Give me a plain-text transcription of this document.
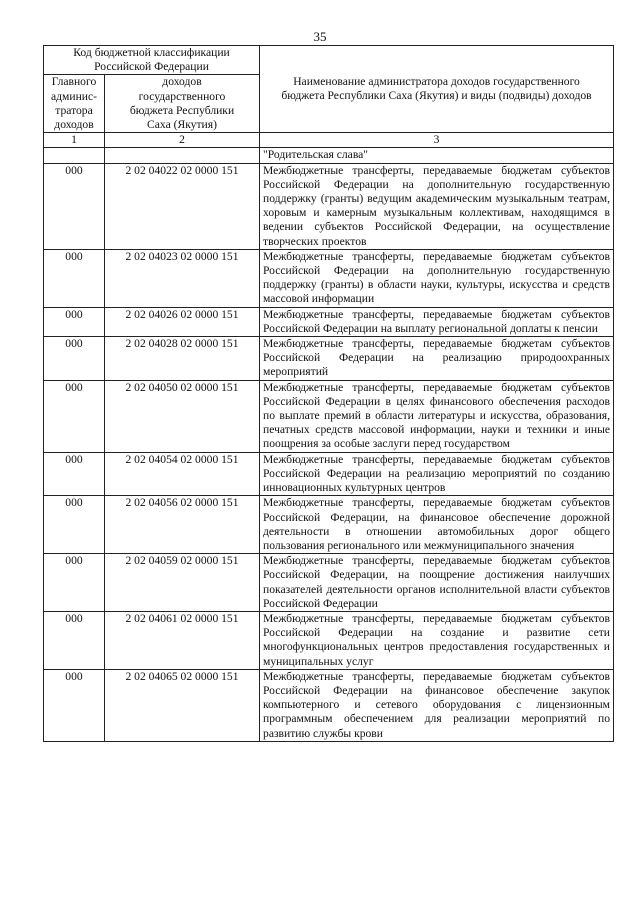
35
Код бюджетной классификации Российской Федерации		Наименование администратора доходов государственного бюджета Республики Саха (Якутия) и виды (подвиды) доходов
Главного админис-тратора доходов	доходов государственного бюджета Республики Саха (Якутия)	
1	2	3
		"Родительская слава"
000	2 02 04022 02 0000 151	Межбюджетные трансферты, передаваемые бюджетам субъектов Российской Федерации на дополнительную государственную поддержку (гранты) ведущим академическим музыкальным театрам, хоровым и камерным музыкальным коллективам, находящимся в ведении субъектов Российской Федерации, на осуществление творческих проектов
000	2 02 04023 02 0000 151	Межбюджетные трансферты, передаваемые бюджетам субъектов Российской Федерации на дополнительную государственную поддержку (гранты) в области науки, культуры, искусства и средств массовой информации
000	2 02 04026 02 0000 151	Межбюджетные трансферты, передаваемые бюджетам субъектов Российской Федерации на выплату региональной доплаты к пенсии
000	2 02 04028 02 0000 151	Межбюджетные трансферты, передаваемые бюджетам субъектов Российской Федерации на реализацию природоохранных мероприятий
000	2 02 04050 02 0000 151	Межбюджетные трансферты, передаваемые бюджетам субъектов Российской Федерации в целях финансового обеспечения расходов по выплате премий в области литературы и искусства, образования, печатных средств массовой информации, науки и техники и иные поощрения за особые заслуги перед государством
000	2 02 04054 02 0000 151	Межбюджетные трансферты, передаваемые бюджетам субъектов Российской Федерации на реализацию мероприятий по созданию инновационных культурных центров
000	2 02 04056 02 0000 151	Межбюджетные трансферты, передаваемые бюджетам субъектов Российской Федерации, на финансовое обеспечение дорожной деятельности в отношении автомобильных дорог общего пользования регионального или межмуниципального значения
000	2 02 04059 02 0000 151	Межбюджетные трансферты, передаваемые бюджетам субъектов Российской Федерации, на поощрение достижения наилучших показателей деятельности органов исполнительной власти субъектов Российской Федерации
000	2 02 04061 02 0000 151	Межбюджетные трансферты, передаваемые бюджетам субъектов Российской Федерации на создание и развитие сети многофункциональных центров предоставления государственных и муниципальных услуг
000	2 02 04065 02 0000 151	Межбюджетные трансферты, передаваемые бюджетам субъектов Российской Федерации на финансовое обеспечение закупок компьютерного и сетевого оборудования с лицензионным программным обеспечением для реализации мероприятий по развитию службы крови
